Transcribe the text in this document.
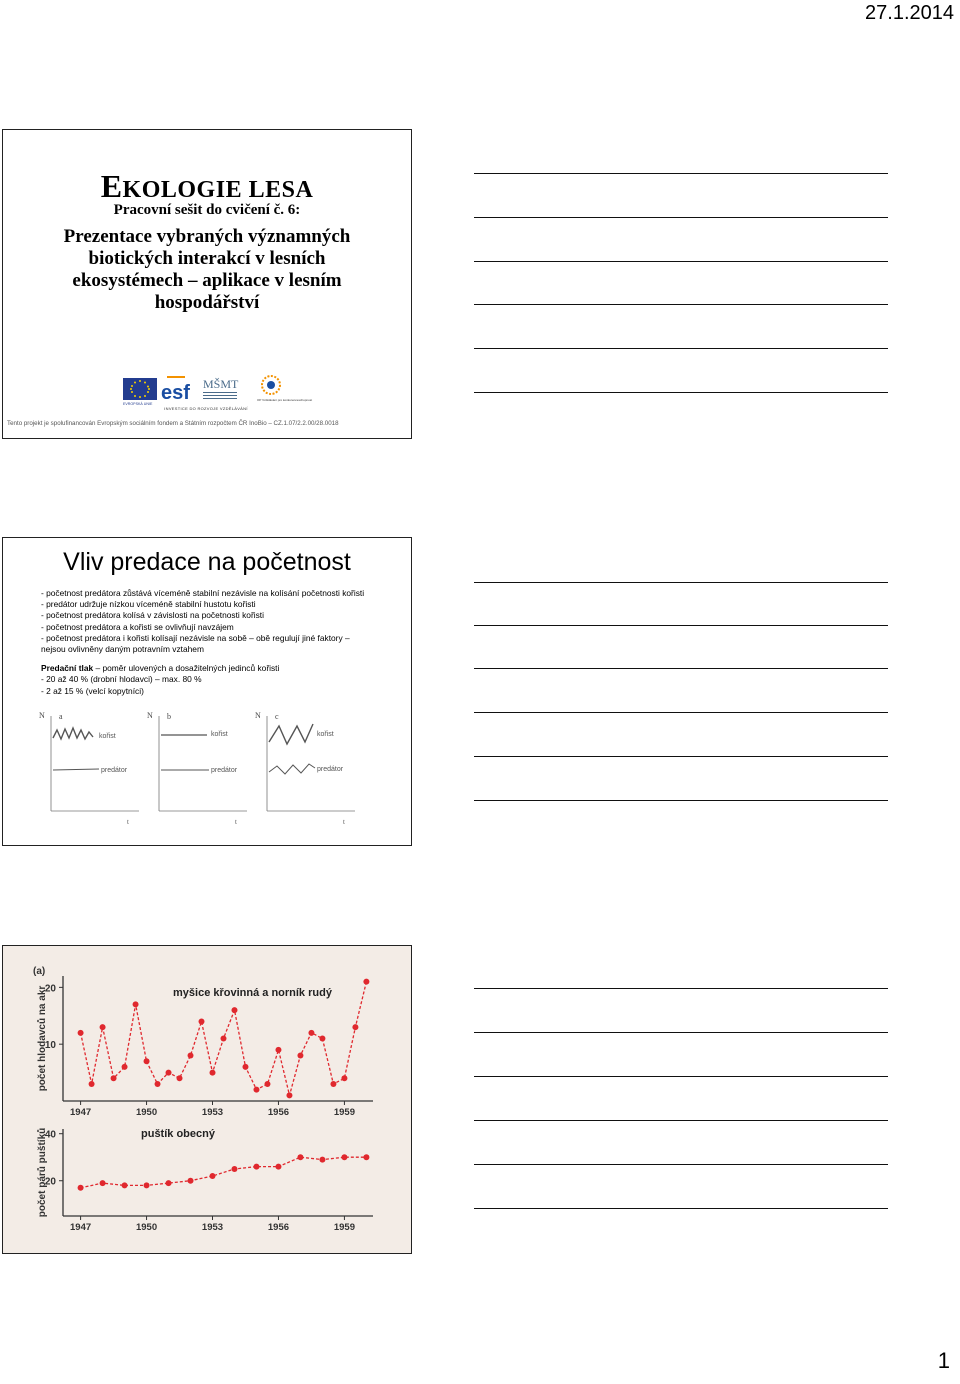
27.1.2014
1
EKOLOGIE LESA
Pracovní sešit do cvičení č. 6:
Prezentace vybraných významných
biotických interakcí v lesních
ekosystémech – aplikace v lesním
hospodářství
EVROPSKÁ UNIE esf MŠMT
OP Vzdělávání pro konkurenceschopnost
INVESTICE DO ROZVOJE VZDĚLÁVÁNÍ
Tento projekt je spolufinancován Evropským sociálním fondem a Státním rozpočtem ČR InoBio – CZ.1.07/2.2.00/28.0018
Vliv predace na početnost

- početnost predátora zůstává víceméně stabilní nezávisle na kolísání početnosti kořisti

- predátor udržuje nízkou víceméně stabilní hustotu kořisti

- početnost predátora kolísá v závislosti na početnosti kořisti

- početnost predátora a kořisti se ovlivňují navzájem

- početnost predátora i kořisti kolísají nezávisle na sobě – obě regulují jiné faktory –

nejsou ovlivněny daným potravním vztahem

Predační tlak – poměr ulovených a dosažitelných jedinců kořisti

- 20 až 40 % (drobní hlodavci) – max. 80 %

- 2 až 15 % (velcí kopytníci)

N a
kořist
predátor
t
N b
kořist
predátor
t
N c
kořist
predátor
t
10
20
1947	1950	1953	1956	1959
počet hlodavců na akr
(a)
myšice křovinná a norník rudý
20
40
1947	1950	1953	1956	1959
počet párů puštíků	puštík obecný
